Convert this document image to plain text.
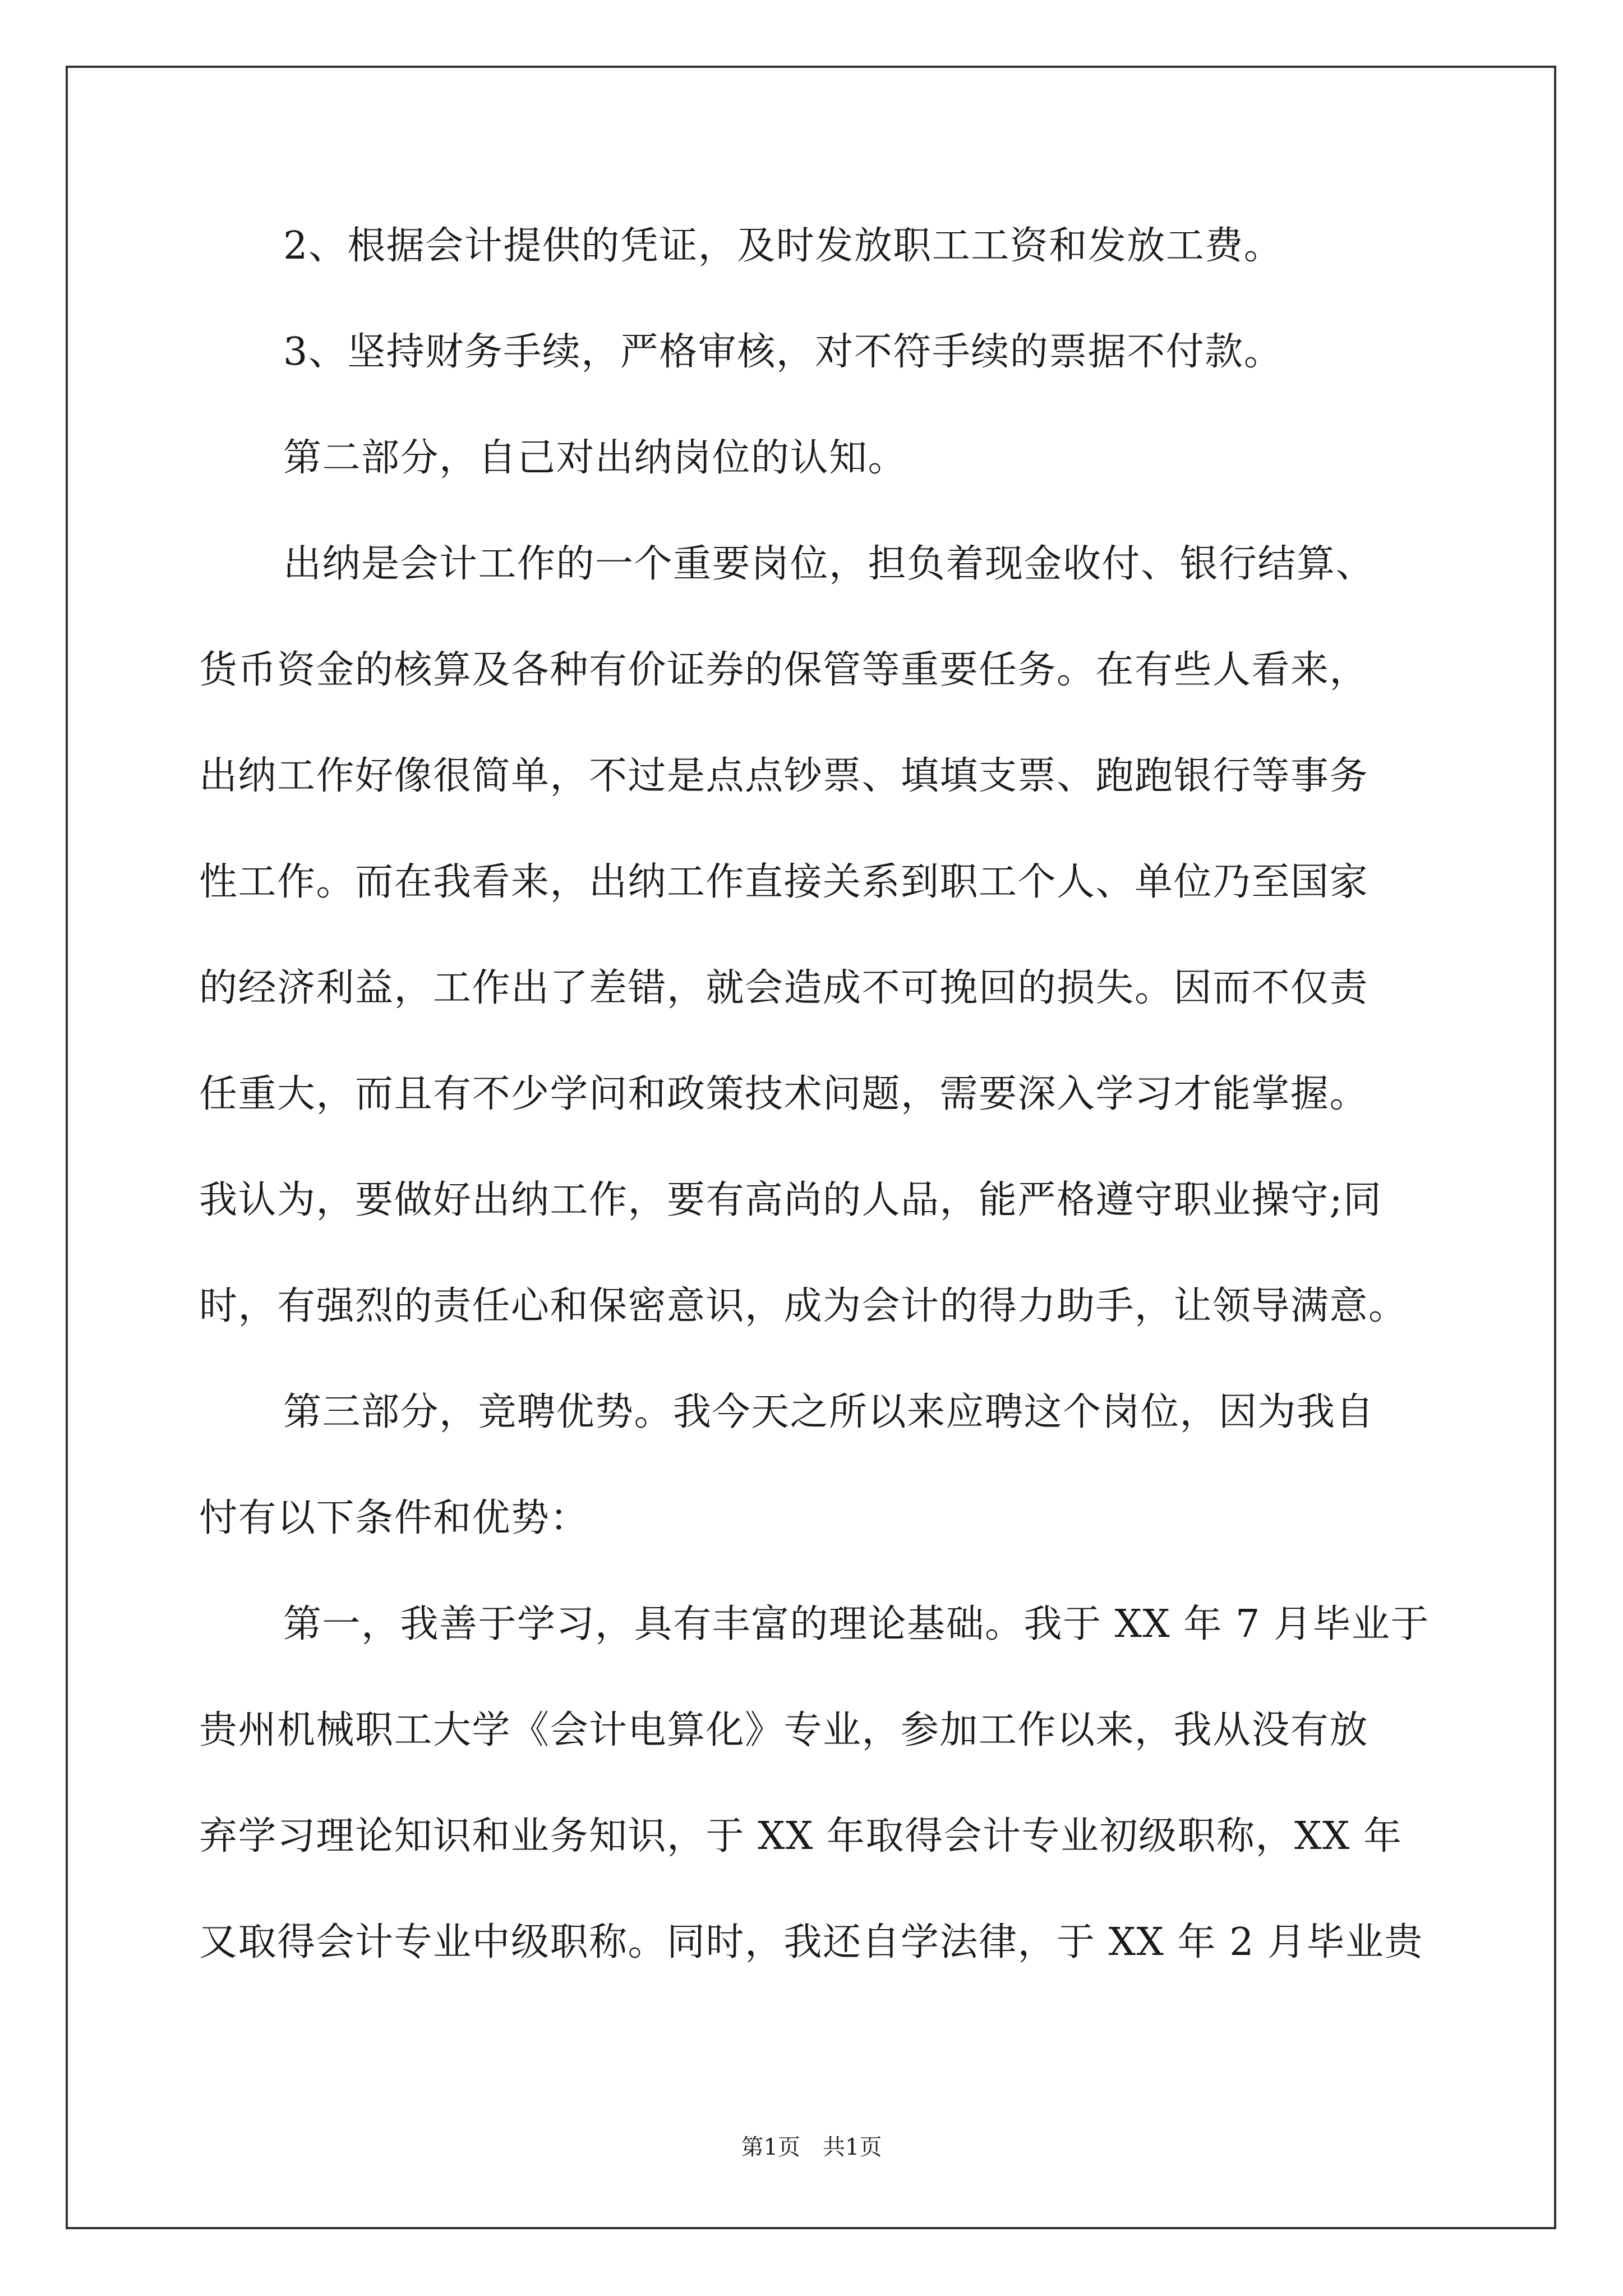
2、根据会计提供的凭证，及时发放职工工资和发放工费。

3、坚持财务手续，严格审核，对不符手续的票据不付款。

第二部分，自己对出纳岗位的认知。

出纳是会计工作的一个重要岗位，担负着现金收付、银行结算、

货币资金的核算及各种有价证券的保管等重要任务。在有些人看来，

出纳工作好像很简单，不过是点点钞票、填填支票、跑跑银行等事务

性工作。而在我看来，出纳工作直接关系到职工个人、单位乃至国家

的经济利益，工作出了差错，就会造成不可挽回的损失。因而不仅责

任重大，而且有不少学问和政策技术问题，需要深入学习才能掌握。

我认为，要做好出纳工作，要有高尚的人品，能严格遵守职业操守;同

时，有强烈的责任心和保密意识，成为会计的得力助手，让领导满意。

第三部分，竞聘优势。我今天之所以来应聘这个岗位，因为我自

忖有以下条件和优势：

第一，我善于学习，具有丰富的理论基础。我于 XX 年 7 月毕业于

贵州机械职工大学《会计电算化》专业，参加工作以来，我从没有放

弃学习理论知识和业务知识，于 XX 年取得会计专业初级职称，XX 年

又取得会计专业中级职称。同时，我还自学法律，于 XX 年 2 月毕业贵

第1页　共1页
